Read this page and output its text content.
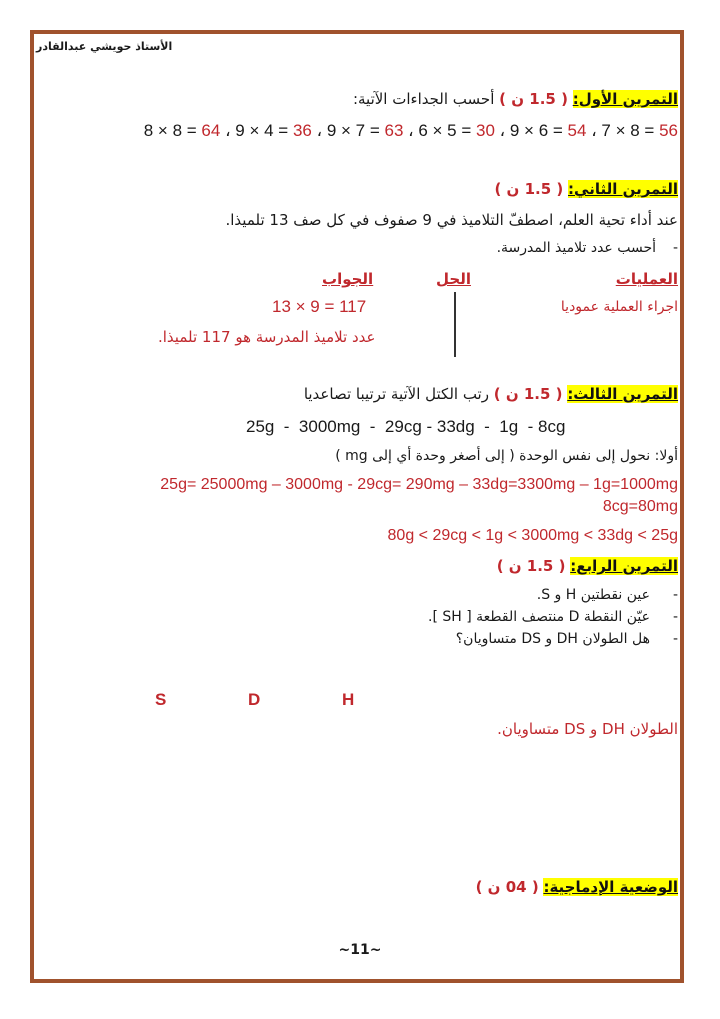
الأستاذ حويشي عبدالقادر
التمرين الأول: ( 1.5 ن ) أحسب الجداءات الآتية:
7 × 8 = 56 ، 9 × 6 = 54 ، 6 × 5 = 30 ، 9 × 7 = 63 ، 9 × 4 = 36 ، 8 × 8 = 64
التمرين الثاني: ( 1.5 ن )
عند أداء تحية العلم، اصطفّ التلاميذ في 9 صفوف في كل صف 13 تلميذا.
-أحسب عدد تلاميذ المدرسة.
العمليات
الحل
الجواب
اجراء العملية عموديا
13 × 9 = 117
عدد تلاميذ المدرسة هو 117 تلميذا.
التمرين الثالث: ( 1.5 ن ) رتب الكتل الآتية ترتيبا تصاعديا
25g  -  3000mg  -  29cg - 33dg  -  1g  - 8cg
أولا: نحول إلى نفس الوحدة ( إلى أصغر وحدة أي إلى mg )
25g= 25000mg – 3000mg - 29cg= 290mg – 33dg=3300mg – 1g=1000mg
8cg=80mg
80g < 29cg < 1g < 3000mg < 33dg < 25g
التمرين الرابع: ( 1.5 ن )
-عين نقطتين H و S.
-عيّن النقطة D منتصف القطعة [ SH ].
-هل الطولان DH و DS متساويان؟
S	D	H
الطولان DH و DS متساويان.
الوضعية الإدماجية: ( 04 ن )
~11~
